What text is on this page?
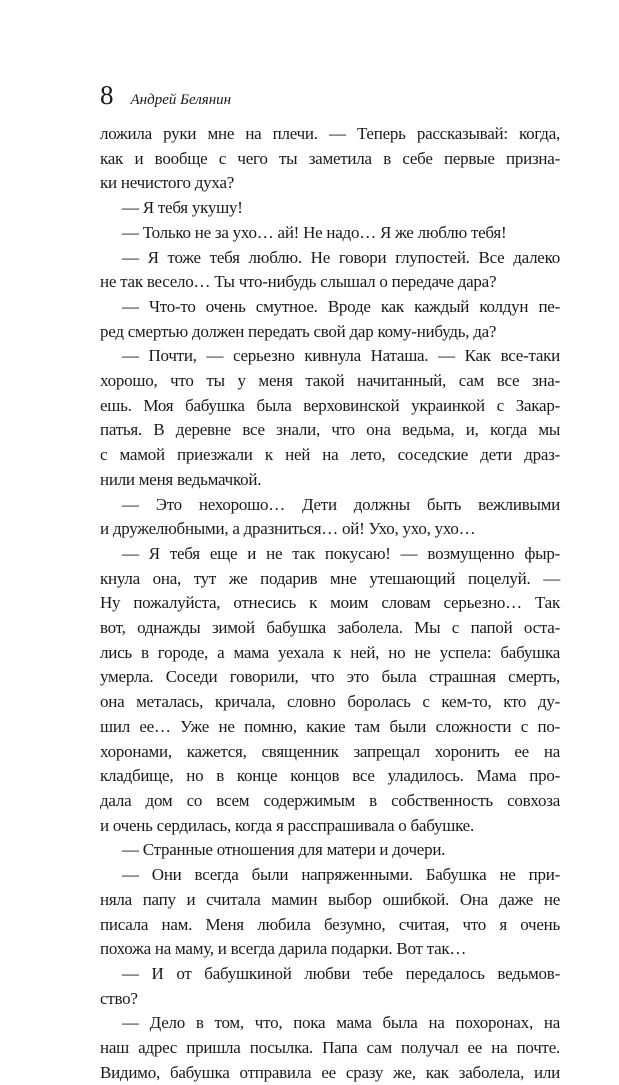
8 Андрей Белянин
ложила руки мне на плечи. — Теперь рассказывай: когда,
как и вообще с чего ты заметила в себе первые призна-
ки нечистого духа?
— Я тебя укушу!
— Только не за ухо… ай! Не надо… Я же люблю тебя!
— Я тоже тебя люблю. Не говори глупостей. Все далеко
не так весело… Ты что-нибудь слышал о передаче дара?
— Что-то очень смутное. Вроде как каждый колдун пе-
ред смертью должен передать свой дар кому-нибудь, да?
— Почти, — серьезно кивнула Наташа. — Как все-таки
хорошо, что ты у меня такой начитанный, сам все зна-
ешь. Моя бабушка была верховинской украинкой с Закар-
патья. В деревне все знали, что она ведьма, и, когда мы
с мамой приезжали к ней на лето, соседские дети драз-
нили меня ведьмачкой.
— Это нехорошо… Дети должны быть вежливыми
и дружелюбными, а дразниться… ой! Ухо, ухо, ухо…
— Я тебя еще и не так покусаю! — возмущенно фыр-
кнула она, тут же подарив мне утешающий поцелуй. —
Ну пожалуйста, отнесись к моим словам серьезно… Так
вот, однажды зимой бабушка заболела. Мы с папой оста-
лись в городе, а мама уехала к ней, но не успела: бабушка
умерла. Соседи говорили, что это была страшная смерть,
она металась, кричала, словно боролась с кем-то, кто ду-
шил ее… Уже не помню, какие там были сложности с по-
хоронами, кажется, священник запрещал хоронить ее на
кладбище, но в конце концов все уладилось. Мама про-
дала дом со всем содержимым в собственность совхоза
и очень сердилась, когда я расспрашивала о бабушке.
— Странные отношения для матери и дочери.
— Они всегда были напряженными. Бабушка не при-
няла папу и считала мамин выбор ошибкой. Она даже не
писала нам. Меня любила безумно, считая, что я очень
похожа на маму, и всегда дарила подарки. Вот так…
— И от бабушкиной любви тебе передалось ведьмов-
ство?
— Дело в том, что, пока мама была на похоронах, на
наш адрес пришла посылка. Папа сам получал ее на почте.
Видимо, бабушка отправила ее сразу же, как заболела, или
